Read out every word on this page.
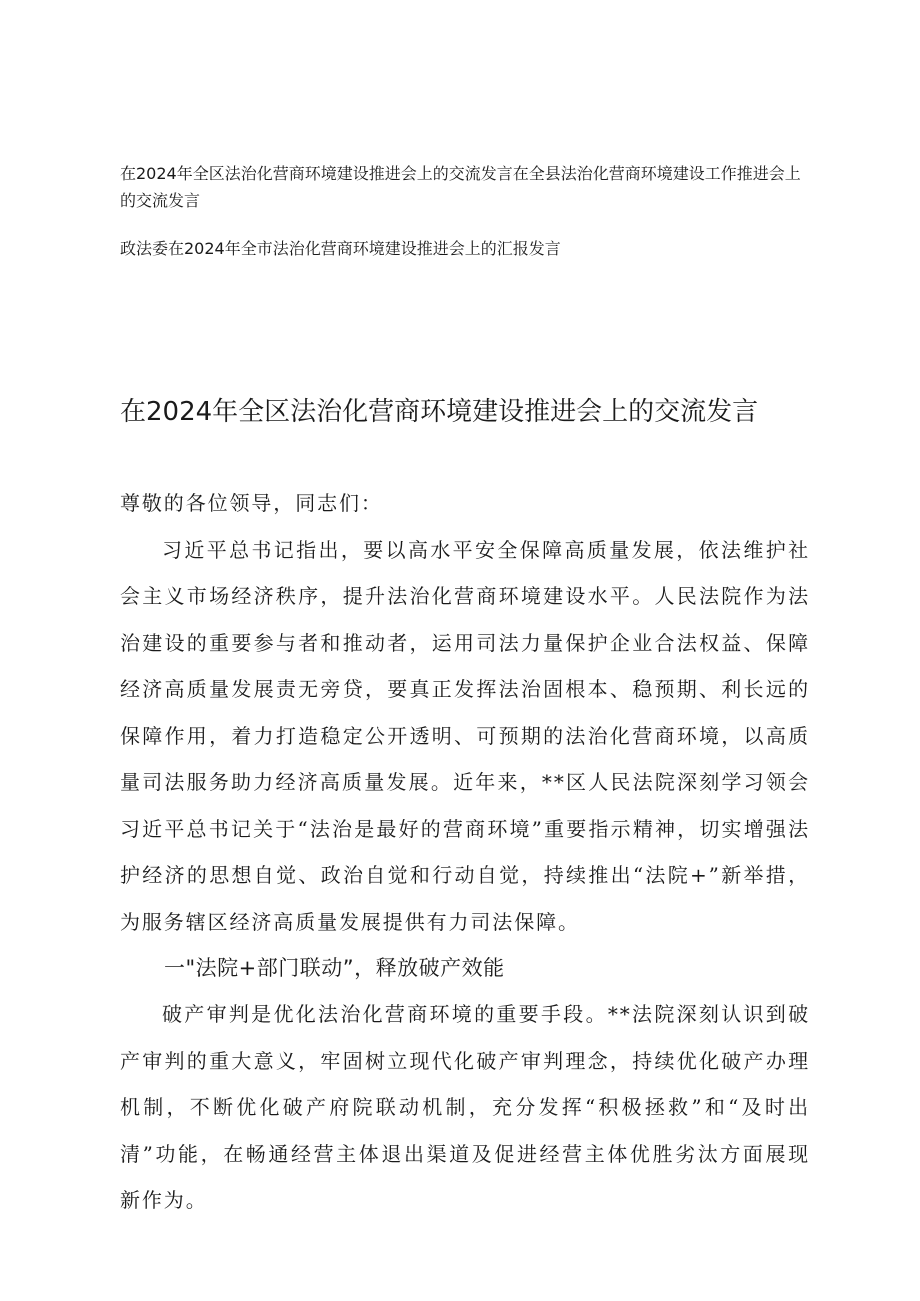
在2024年全区法治化营商环境建设推进会上的交流发言在全县法治化营商环境建设工作推进会上的交流发言

政法委在2024年全市法治化营商环境建设推进会上的汇报发言

在2024年全区法治化营商环境建设推进会上的交流发言

尊敬的各位领导，同志们：

习近平总书记指出，要以高水平安全保障高质量发展，依法维护社会主义市场经济秩序，提升法治化营商环境建设水平。人民法院作为法治建设的重要参与者和推动者，运用司法力量保护企业合法权益、保障经济高质量发展责无旁贷，要真正发挥法治固根本、稳预期、利长远的保障作用，着力打造稳定公开透明、可预期的法治化营商环境，以高质量司法服务助力经济高质量发展。近年来，**区人民法院深刻学习领会习近平总书记关于“法治是最好的营商环境”重要指示精神，切实增强法护经济的思想自觉、政治自觉和行动自觉，持续推出“法院+”新举措，为服务辖区经济高质量发展提供有力司法保障。

一"法院+部门联动”，释放破产效能

破产审判是优化法治化营商环境的重要手段。**法院深刻认识到破产审判的重大意义，牢固树立现代化破产审判理念，持续优化破产办理机制，不断优化破产府院联动机制，充分发挥“积极拯救”和“及时出清”功能，在畅通经营主体退出渠道及促进经营主体优胜劣汰方面展现新作为。
